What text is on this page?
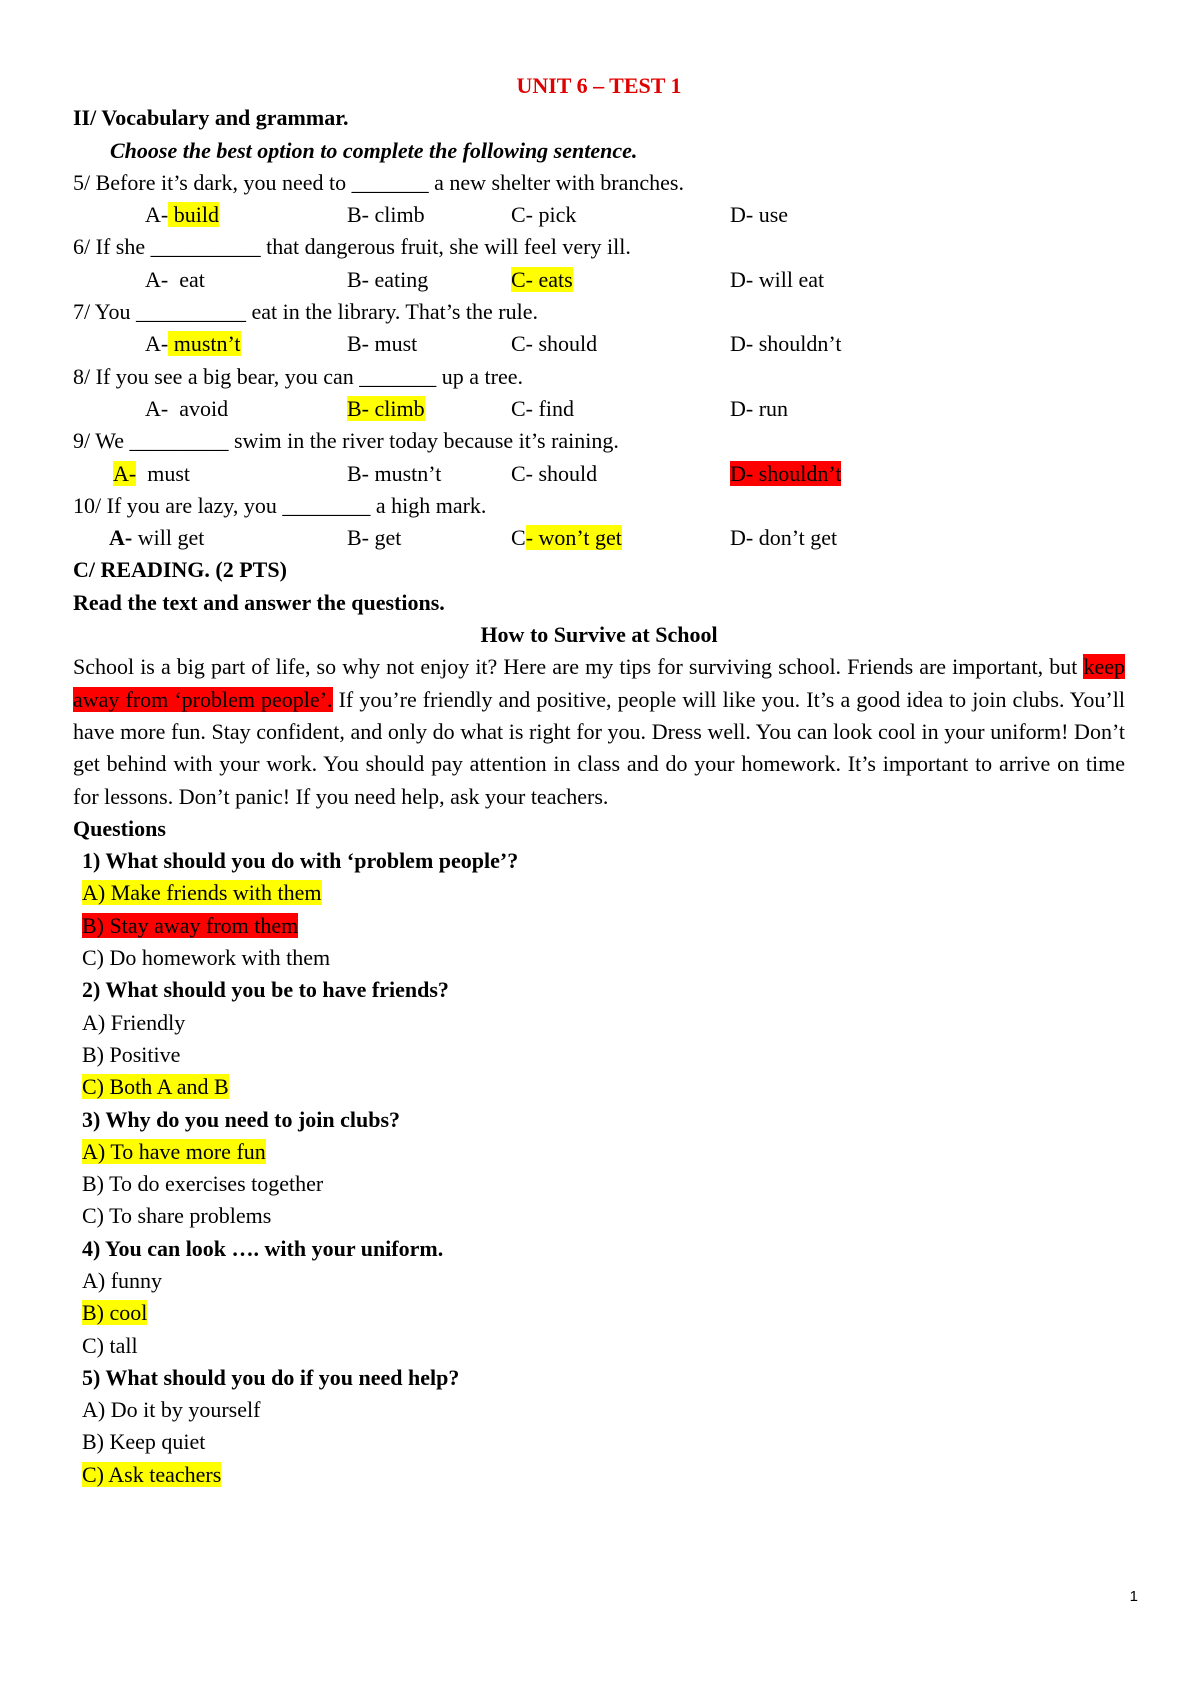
UNIT 6 – TEST 1
II/ Vocabulary and grammar.
Choose the best option to complete the following sentence.
5/ Before it’s dark, you need to _______ a new shelter with branches.
A- build	B- climb	C- pick	D- use
6/ If she __________ that dangerous fruit, she will feel very ill.
A-  eat	B- eating	C- eats	D- will eat
7/ You __________ eat in the library. That’s the rule.
A- mustn’t	B- must	C- should	D- shouldn’t
8/ If you see a big bear, you can _______ up a tree.
A-  avoid	B- climb	C- find	D- run
9/ We _________ swim in the river today because it’s raining.
A-  must	B- mustn’t	C- should	D- shouldn’t
10/ If you are lazy, you ________ a high mark.
A- will get	B- get	C- won’t get	D- don’t get
C/ READING. (2 PTS)
Read the text and answer the questions.
How to Survive at School
School is a big part of life, so why not enjoy it? Here are my tips for surviving school. Friends are important, but keep away from ‘problem people’. If you’re friendly and positive, people will like you. It’s a good idea to join clubs. You’ll have more fun. Stay confident, and only do what is right for you. Dress well. You can look cool in your uniform! Don’t get behind with your work. You should pay attention in class and do your homework. It’s important to arrive on time for lessons. Don’t panic! If you need help, ask your teachers.
Questions
1) What should you do with ‘problem people’?
A) Make friends with them
B) Stay away from them
C) Do homework with them
2) What should you be to have friends?
A) Friendly
B) Positive
C) Both A and B
3) Why do you need to join clubs?
A) To have more fun
B) To do exercises together
C) To share problems
4) You can look …. with your uniform.
A) funny
B) cool
C) tall
5) What should you do if you need help?
A) Do it by yourself
B) Keep quiet
C) Ask teachers
1
